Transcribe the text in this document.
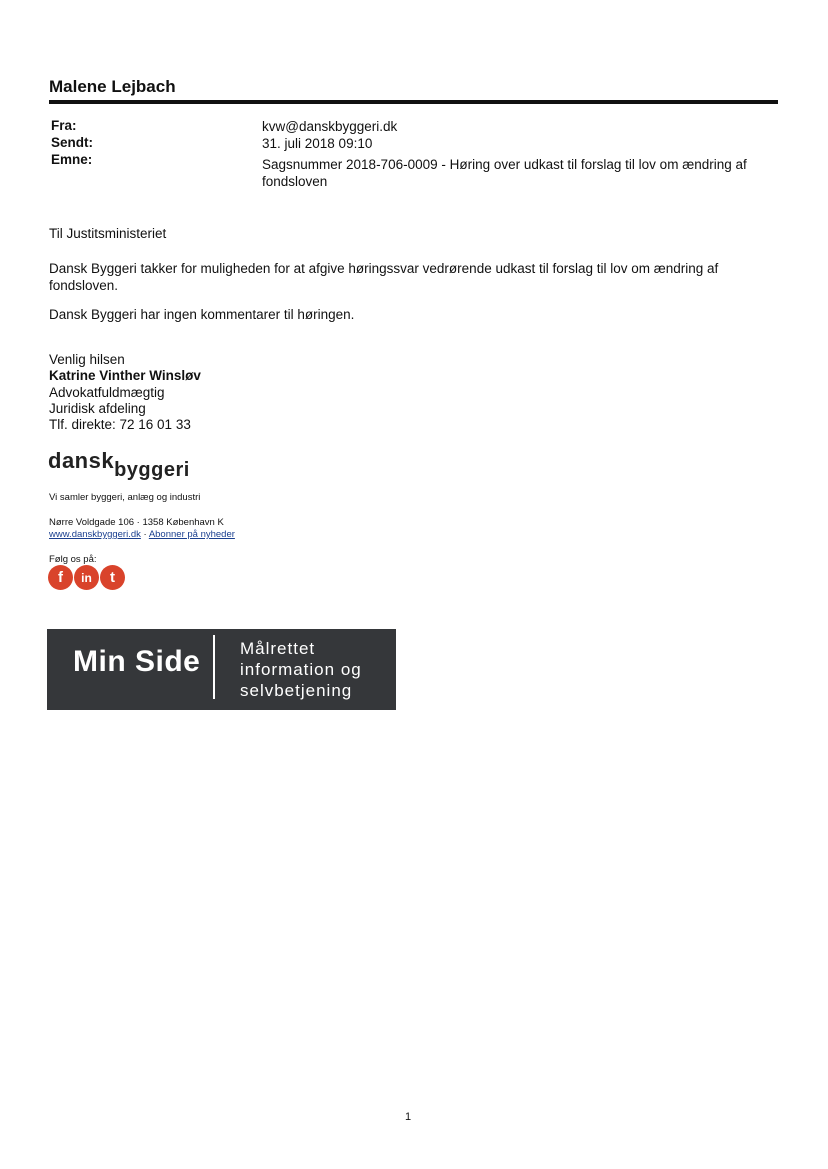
Malene Lejbach
Fra:	kvw@danskbyggeri.dk
Sendt:	31. juli 2018 09:10
Emne:	Sagsnummer 2018-706-0009 - Høring over udkast til forslag til lov om ændring af fondsloven
Til Justitsministeriet
Dansk Byggeri takker for muligheden for at afgive høringssvar vedrørende udkast til forslag til lov om ændring af fondsloven.
Dansk Byggeri har ingen kommentarer til høringen.
Venlig hilsen
Katrine Vinther Winsløv
Advokatfuldmægtig
Juridisk afdeling
Tlf. direkte: 72 16 01 33
danskbyggeri
Vi samler byggeri, anlæg og industri
Nørre Voldgade 106 · 1358 København K
www.danskbyggeri.dk · Abonner på nyheder
Følg os på:
f	in	t
Min Side Målrettet
information og
selvbetjening
1
